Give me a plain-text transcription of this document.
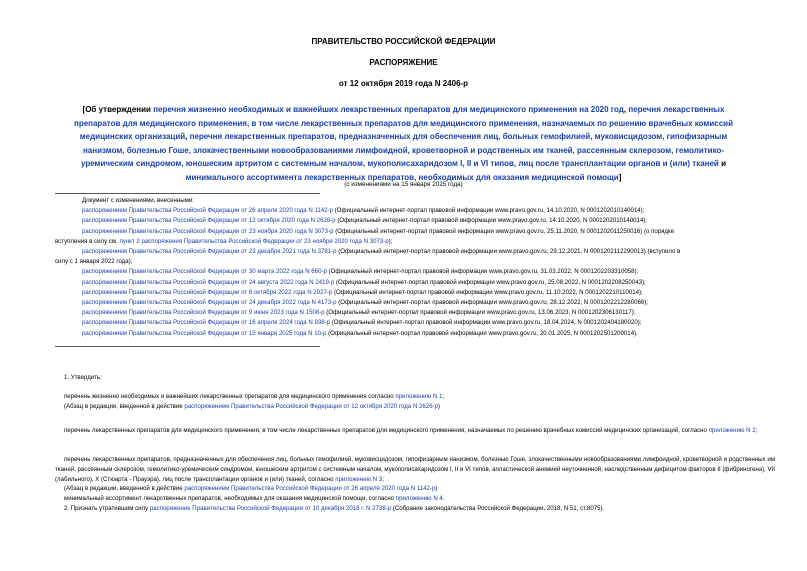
ПРАВИТЕЛЬСТВО РОССИЙСКОЙ ФЕДЕРАЦИИ
РАСПОРЯЖЕНИЕ
от 12 октября 2019 года N 2406-р
[Об утверждении перечня жизненно необходимых и важнейших лекарственных препаратов для медицинского применения на 2020 год, перечня лекарственных препаратов для медицинского применения, в том числе лекарственных препаратов для медицинского применения, назначаемых по решению врачебных комиссий медицинских организаций, перечня лекарственных препаратов, предназначенных для обеспечения лиц, больных гемофилией, муковисцидозом, гипофизарным нанизмом, болезнью Гоше, злокачественными новообразованиями лимфоидной, кроветворной и родственных им тканей, рассеянным склерозом, гемолитико-уремическим синдромом, юношеским артритом с системным началом, мукополисахаридозом I, II и VI типов, лиц после трансплантации органов и (или) тканей и минимального ассортимента лекарственных препаратов, необходимых для оказания медицинской помощи]
(с изменениями на 15 января 2025 года)
Документ с изменениями, внесенными:
распоряжением Правительства Российской Федерации от 26 апреля 2020 года N 1142-р (Официальный интернет-портал правовой информации www.pravo.gov.ru, 14.10.2020, N 0001202010140014);
распоряжением Правительства Российской Федерации от 12 октября 2020 года N 2626-р (Официальный интернет-портал правовой информации www.pravo.gov.ru, 14.10.2020, N 0001202010140014);
распоряжением Правительства Российской Федерации от 23 ноября 2020 года N 3073-р (Официальный интернет-портал правовой информации www.pravo.gov.ru, 25.11.2020, N 0001202011250016) (о порядке
вступления в силу см. пункт 2 распоряжения Правительства Российской Федерации от 23 ноября 2020 года N 3073-р);
распоряжением Правительства Российской Федерации от 23 декабря 2021 года N 3781-р (Официальный интернет-портал правовой информации www.pravo.gov.ru, 29.12.2021, N 0001202112290013) (вступило в
силу с 1 января 2022 года);
распоряжением Правительства Российской Федерации от 30 марта 2022 года N 660-р (Официальный интернет-портал правовой информации www.pravo.gov.ru, 31.03.2022, N 0001202203310058);
распоряжением Правительства Российской Федерации от 24 августа 2022 года N 2419-р (Официальный интернет-портал правовой информации www.pravo.gov.ru, 25.08.2022, N 0001202208250043);
распоряжением Правительства Российской Федерации от 6 октября 2022 года N 2927-р (Официальный интернет-портал правовой информации www.pravo.gov.ru, 11.10.2022, N 0001202210110014);
распоряжением Правительства Российской Федерации от 24 декабря 2022 года N 4173-р (Официальный интернет-портал правовой информации www.pravo.gov.ru, 28.12.2022, N 0001202212280066);
распоряжением Правительства Российской Федерации от 9 июня 2023 года N 1508-р (Официальный интернет-портал правовой информации www.pravo.gov.ru, 13.06.2023, N 0001202306130117);
распоряжением Правительства Российской Федерации от 16 апреля 2024 года N 938-р (Официальный интернет-портал правовой информации www.pravo.gov.ru, 18.04.2024, N 0001202404180020);
распоряжением Правительства Российской Федерации от 15 января 2025 года N 10-р (Официальный интернет-портал правовой информации www.pravo.gov.ru, 20.01.2025, N 0001202501200014).

1. Утвердить:

перечень жизненно необходимых и важнейших лекарственных препаратов для медицинского применения согласно приложению N 1;

(Абзац в редакции, введенной в действие распоряжением Правительства Российской Федерации от 12 октября 2020 года N 2626-р)

перечень лекарственных препаратов для медицинского применения, в том числе лекарственных препаратов для медицинского применения, назначаемых по решению врачебных комиссий медицинских организаций, согласно приложению N 2;

перечень лекарственных препаратов, предназначенных для обеспечения лиц, больных гемофилией, муковисцидозом, гипофизарным нанизмом, болезнью Гоше, злокачественными новообразованиями лимфоидной, кроветворной и родственных им тканей, рассеянным склерозом, гемолитико-уремическим синдромом, юношеским артритом с системным началом, мукополисахаридозом I, II и VI типов, апластической анемией неуточненной, наследственным дефицитом факторов II (фибриногена), VII (лабильного), X (Стюарта - Прауэра), лиц после трансплантации органов и (или) тканей, согласно приложению N 3;

(Абзац в редакции, введенной в действие распоряжением Правительства Российской Федерации от 26 апреля 2020 года N 1142-р)

минимальный ассортимент лекарственных препаратов, необходимых для оказания медицинской помощи, согласно приложению N 4.

2. Признать утратившим силу распоряжение Правительства Российской Федерации от 10 декабря 2018 г. N 2738-р (Собрание законодательства Российской Федерации, 2018, N 51, ст.8075).
